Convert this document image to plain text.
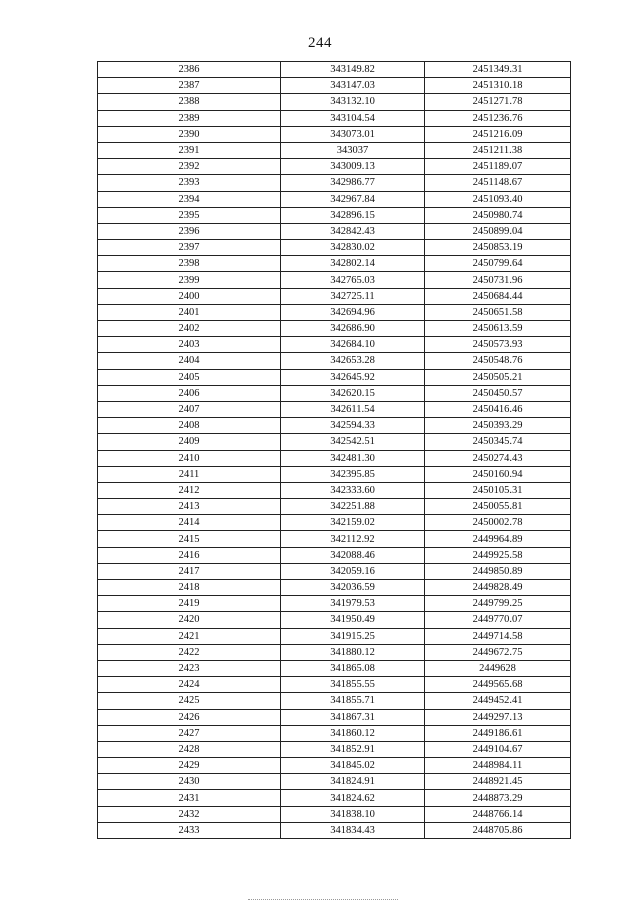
244
2386	343149.82	2451349.31
2387	343147.03	2451310.18
2388	343132.10	2451271.78
2389	343104.54	2451236.76
2390	343073.01	2451216.09
2391	343037	2451211.38
2392	343009.13	2451189.07
2393	342986.77	2451148.67
2394	342967.84	2451093.40
2395	342896.15	2450980.74
2396	342842.43	2450899.04
2397	342830.02	2450853.19
2398	342802.14	2450799.64
2399	342765.03	2450731.96
2400	342725.11	2450684.44
2401	342694.96	2450651.58
2402	342686.90	2450613.59
2403	342684.10	2450573.93
2404	342653.28	2450548.76
2405	342645.92	2450505.21
2406	342620.15	2450450.57
2407	342611.54	2450416.46
2408	342594.33	2450393.29
2409	342542.51	2450345.74
2410	342481.30	2450274.43
2411	342395.85	2450160.94
2412	342333.60	2450105.31
2413	342251.88	2450055.81
2414	342159.02	2450002.78
2415	342112.92	2449964.89
2416	342088.46	2449925.58
2417	342059.16	2449850.89
2418	342036.59	2449828.49
2419	341979.53	2449799.25
2420	341950.49	2449770.07
2421	341915.25	2449714.58
2422	341880.12	2449672.75
2423	341865.08	2449628
2424	341855.55	2449565.68
2425	341855.71	2449452.41
2426	341867.31	2449297.13
2427	341860.12	2449186.61
2428	341852.91	2449104.67
2429	341845.02	2448984.11
2430	341824.91	2448921.45
2431	341824.62	2448873.29
2432	341838.10	2448766.14
2433	341834.43	2448705.86
